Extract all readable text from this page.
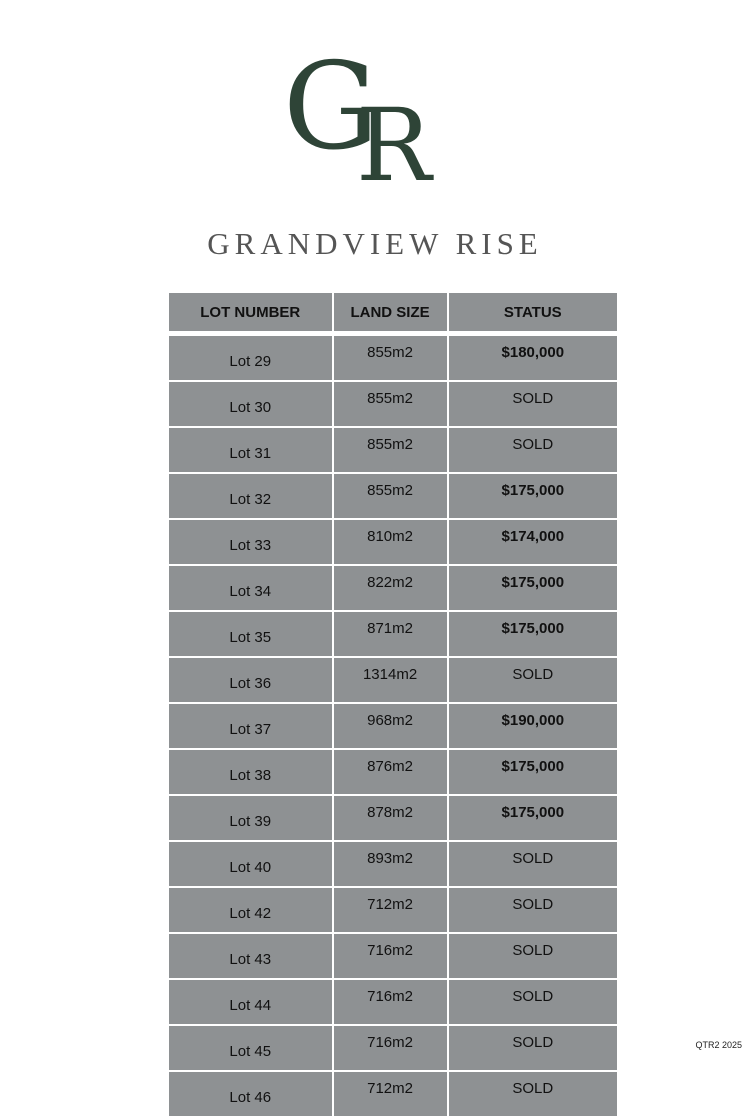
G
R
GRANDVIEW RISE
LOT NUMBER	LAND SIZE	STATUS
Lot 29	855m2	$180,000
Lot 30	855m2	SOLD
Lot 31	855m2	SOLD
Lot 32	855m2	$175,000
Lot 33	810m2	$174,000
Lot 34	822m2	$175,000
Lot 35	871m2	$175,000
Lot 36	1314m2	SOLD
Lot 37	968m2	$190,000
Lot 38	876m2	$175,000
Lot 39	878m2	$175,000
Lot 40	893m2	SOLD
Lot 42	712m2	SOLD
Lot 43	716m2	SOLD
Lot 44	716m2	SOLD
Lot 45	716m2	SOLD
Lot 46	712m2	SOLD
QTR2 2025
